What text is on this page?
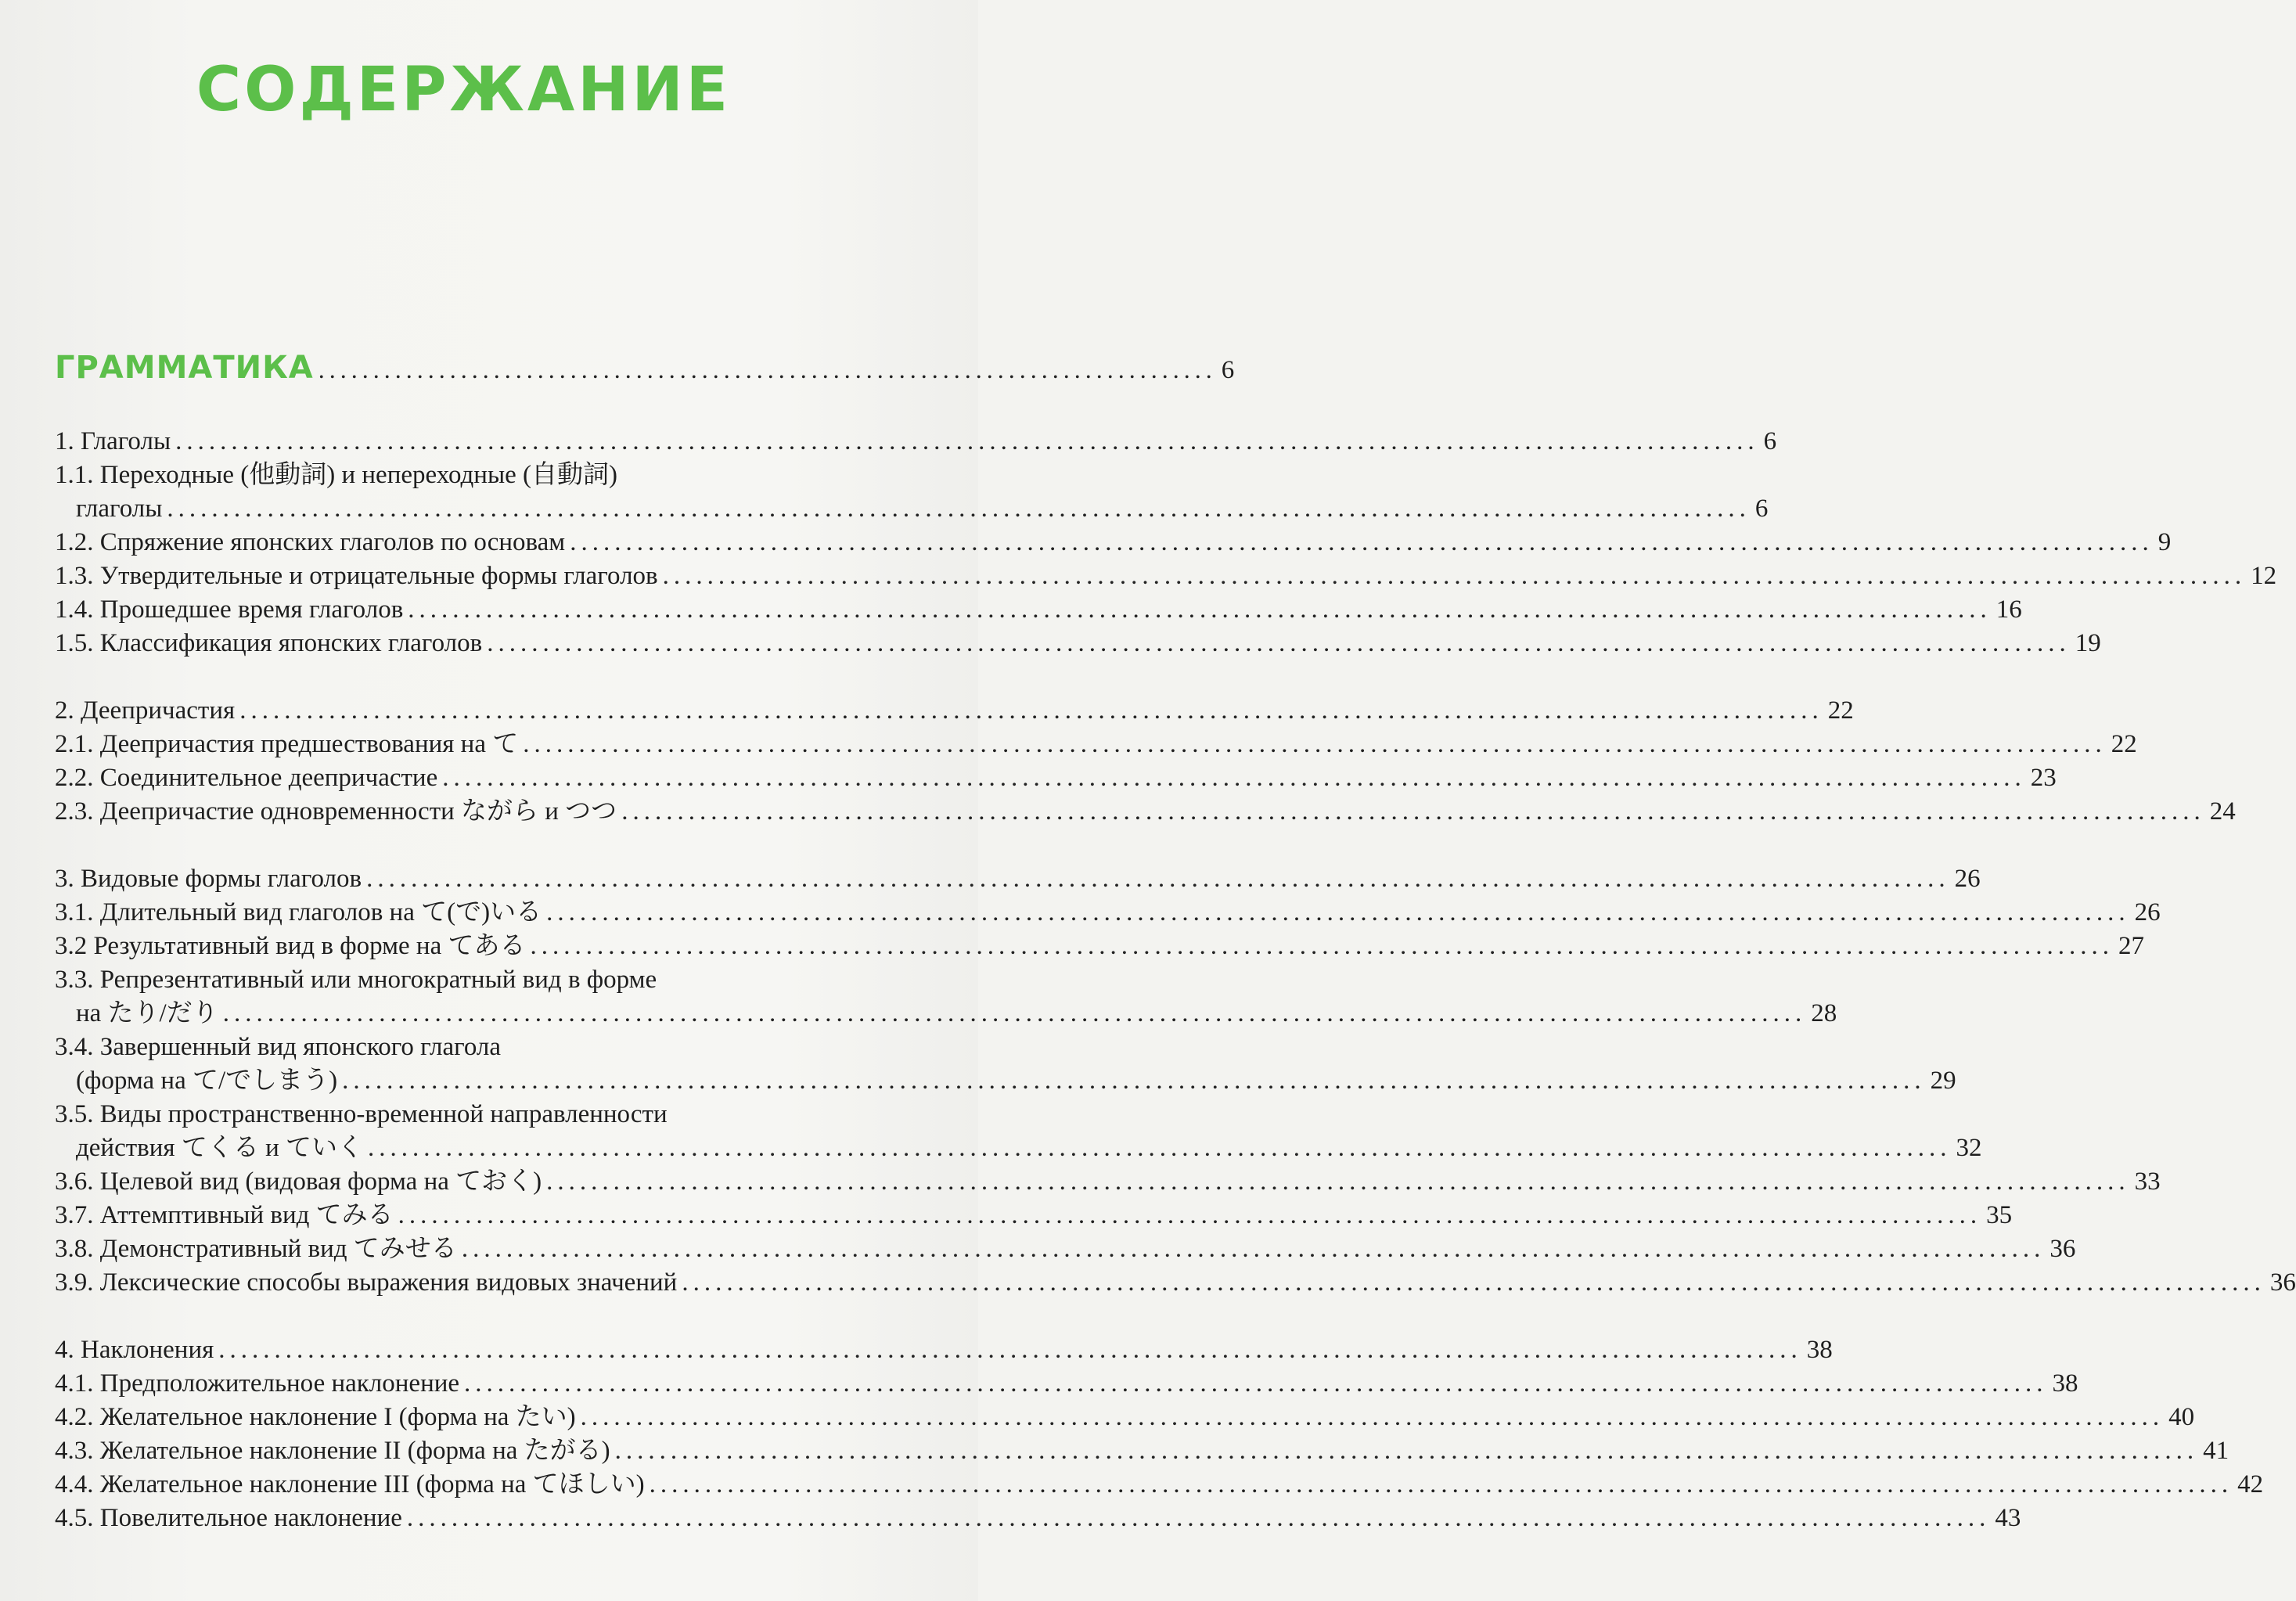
СОДЕРЖАНИЕ
ГРАММАТИКА .................................................................................. 6
1. Глаголы .............................................................................................................................................. 6
1.1. Переходные (他動詞) и непереходные (自動詞)
глаголы .............................................................................................................................................. 6
1.2. Спряжение японских глаголов по основам .............................................................................................................................................. 9
1.3. Утвердительные и отрицательные формы глаголов .............................................................................................................................................. 12
1.4. Прошедшее время глаголов .............................................................................................................................................. 16
1.5. Классификация японских глаголов .............................................................................................................................................. 19
2. Деепричастия .............................................................................................................................................. 22
2.1. Деепричастия предшествования на て .............................................................................................................................................. 22
2.2. Соединительное деепричастие .............................................................................................................................................. 23
2.3. Деепричастие одновременности ながら и つつ .............................................................................................................................................. 24
3. Видовые формы глаголов .............................................................................................................................................. 26
3.1. Длительный вид глаголов на て(で)いる .............................................................................................................................................. 26
3.2 Результативный вид в форме на てある .............................................................................................................................................. 27
3.3. Репрезентативный или многократный вид в форме
на たり/だり .............................................................................................................................................. 28
3.4. Завершенный вид японского глагола
(форма на て/でしまう) .............................................................................................................................................. 29
3.5. Виды пространственно-временной направленности
действия てくる и ていく .............................................................................................................................................. 32
3.6. Целевой вид (видовая форма на ておく) .............................................................................................................................................. 33
3.7. Аттемптивный вид てみる .............................................................................................................................................. 35
3.8. Демонстративный вид てみせる .............................................................................................................................................. 36
3.9. Лексические способы выражения видовых значений .............................................................................................................................................. 36
4. Наклонения .............................................................................................................................................. 38
4.1. Предположительное наклонение .............................................................................................................................................. 38
4.2. Желательное наклонение I (форма на たい) .............................................................................................................................................. 40
4.3. Желательное наклонение II (форма на たがる) .............................................................................................................................................. 41
4.4. Желательное наклонение III (форма на てほしい) .............................................................................................................................................. 42
4.5. Повелительное наклонение .............................................................................................................................................. 43
